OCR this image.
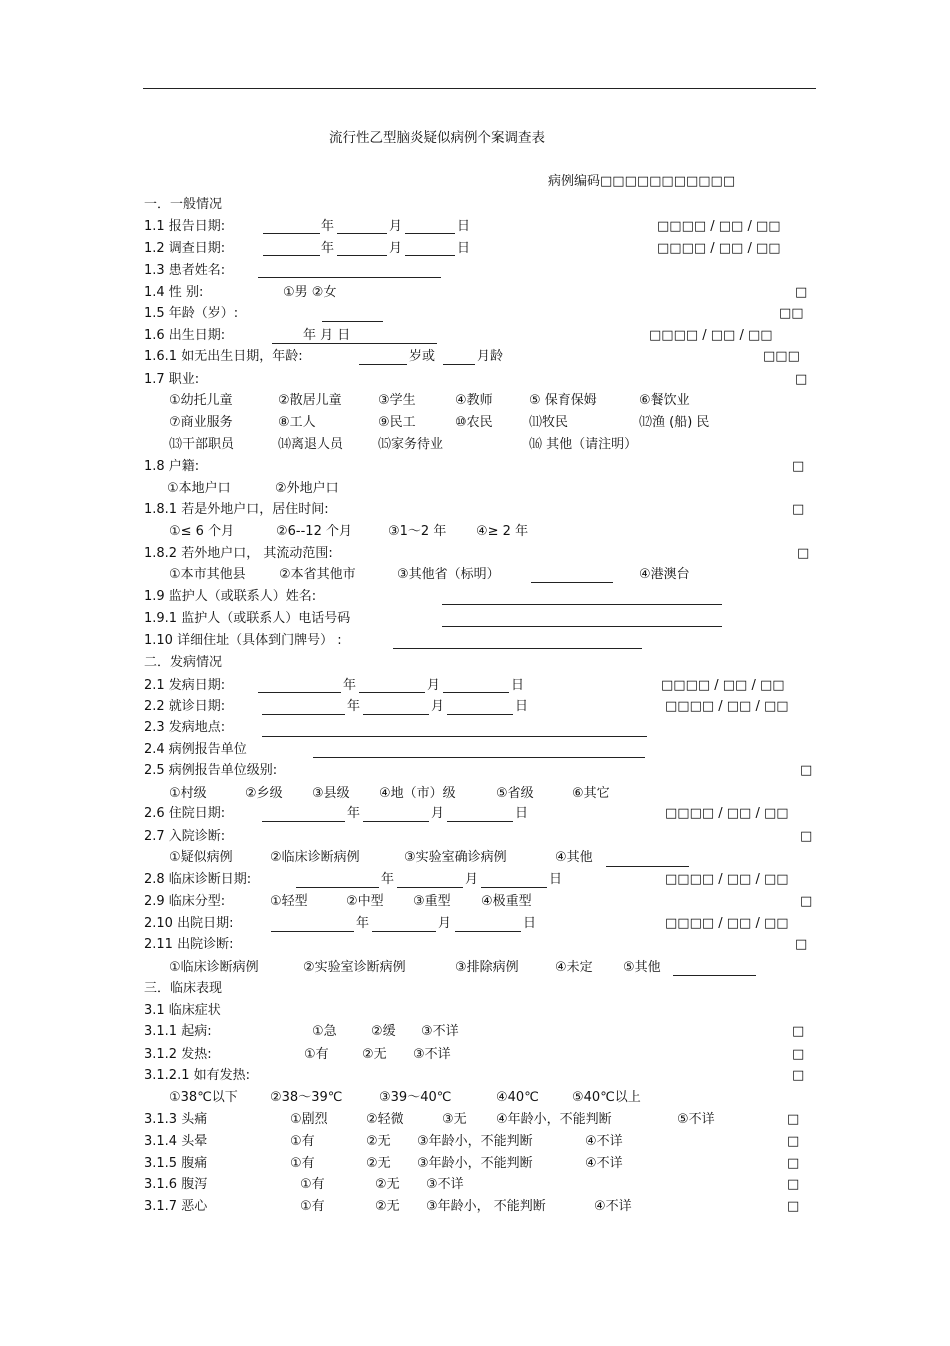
流行性乙型脑炎疑似病例个案调查表
病例编码□□□□□□□□□□□
一．一般情况
1.1 报告日期:	年	月	日	□□□□ / □□ / □□
1.2 调查日期:	年	月	日	□□□□ / □□ / □□
1.3 患者姓名:
1.4 性 别:	①男 ②女	□
1.5 年龄（岁）:	□□
1.6 出生日期:	年 月 日	□□□□ / □□ / □□
1.6.1 如无出生日期，年龄:	岁或	月龄	□□□
1.7 职业:	□
①幼托儿童	②散居儿童	③学生	④教师	⑤ 保育保姆	⑥餐饮业
⑦商业服务	⑧工人	⑨民工	⑩农民	⑾牧民	⑿渔 (船) 民
⒀干部职员	⒁离退人员	⒂家务待业	⒃ 其他（请注明）
1.8 户籍:	□
①本地户口	②外地户口
1.8.1 若是外地户口，居住时间:	□
①≤ 6 个月	②6--12 个月	③1～2 年 ④≥ 2 年
1.8.2 若外地户口， 其流动范围:	□
①本市其他县	②本省其他市	③其他省（标明）	④港澳台
1.9 监护人（或联系人）姓名:
1.9.1 监护人（或联系人）电话号码
1.10 详细住址（具体到门牌号） :
二．发病情况
2.1 发病日期:	年	月	日	□□□□ / □□ / □□
2.2 就诊日期:	年	月	日	□□□□ / □□ / □□
2.3 发病地点:
2.4 病例报告单位
2.5 病例报告单位级别:	□
①村级	②乡级 ③县级 ④地（市）级	⑤省级	⑥其它
2.6 住院日期:	年	月	日	□□□□ / □□ / □□
2.7 入院诊断:	□
①疑似病例	②临床诊断病例	③实验室确诊病例	④其他
2.8 临床诊断日期:	年	月	日	□□□□ / □□ / □□
2.9 临床分型:	①轻型	②中型 ③重型 ④极重型	□
2.10 出院日期:	年	月	日	□□□□ / □□ / □□
2.11 出院诊断:	□
①临床诊断病例	②实验室诊断病例	③排除病例	④未定 ⑤其他
三．临床表现
3.1 临床症状
3.1.1 起病:	①急	②缓 ③不详	□
3.1.2 发热:	①有	②无 ③不详	□
3.1.2.1 如有发热:	□
①38℃以下 ②38～39℃	③39～40℃	④40℃	⑤40℃以上
3.1.3 头痛	①剧烈	②轻微	③无 ④年龄小，不能判断	⑤不详	□
3.1.4 头晕	①有	②无 ③年龄小，不能判断	④不详	□
3.1.5 腹痛	①有	②无 ③年龄小，不能判断	④不详	□
3.1.6 腹泻	①有	②无 ③不详	□
3.1.7 恶心	①有	②无 ③年龄小， 不能判断	④不详	□
